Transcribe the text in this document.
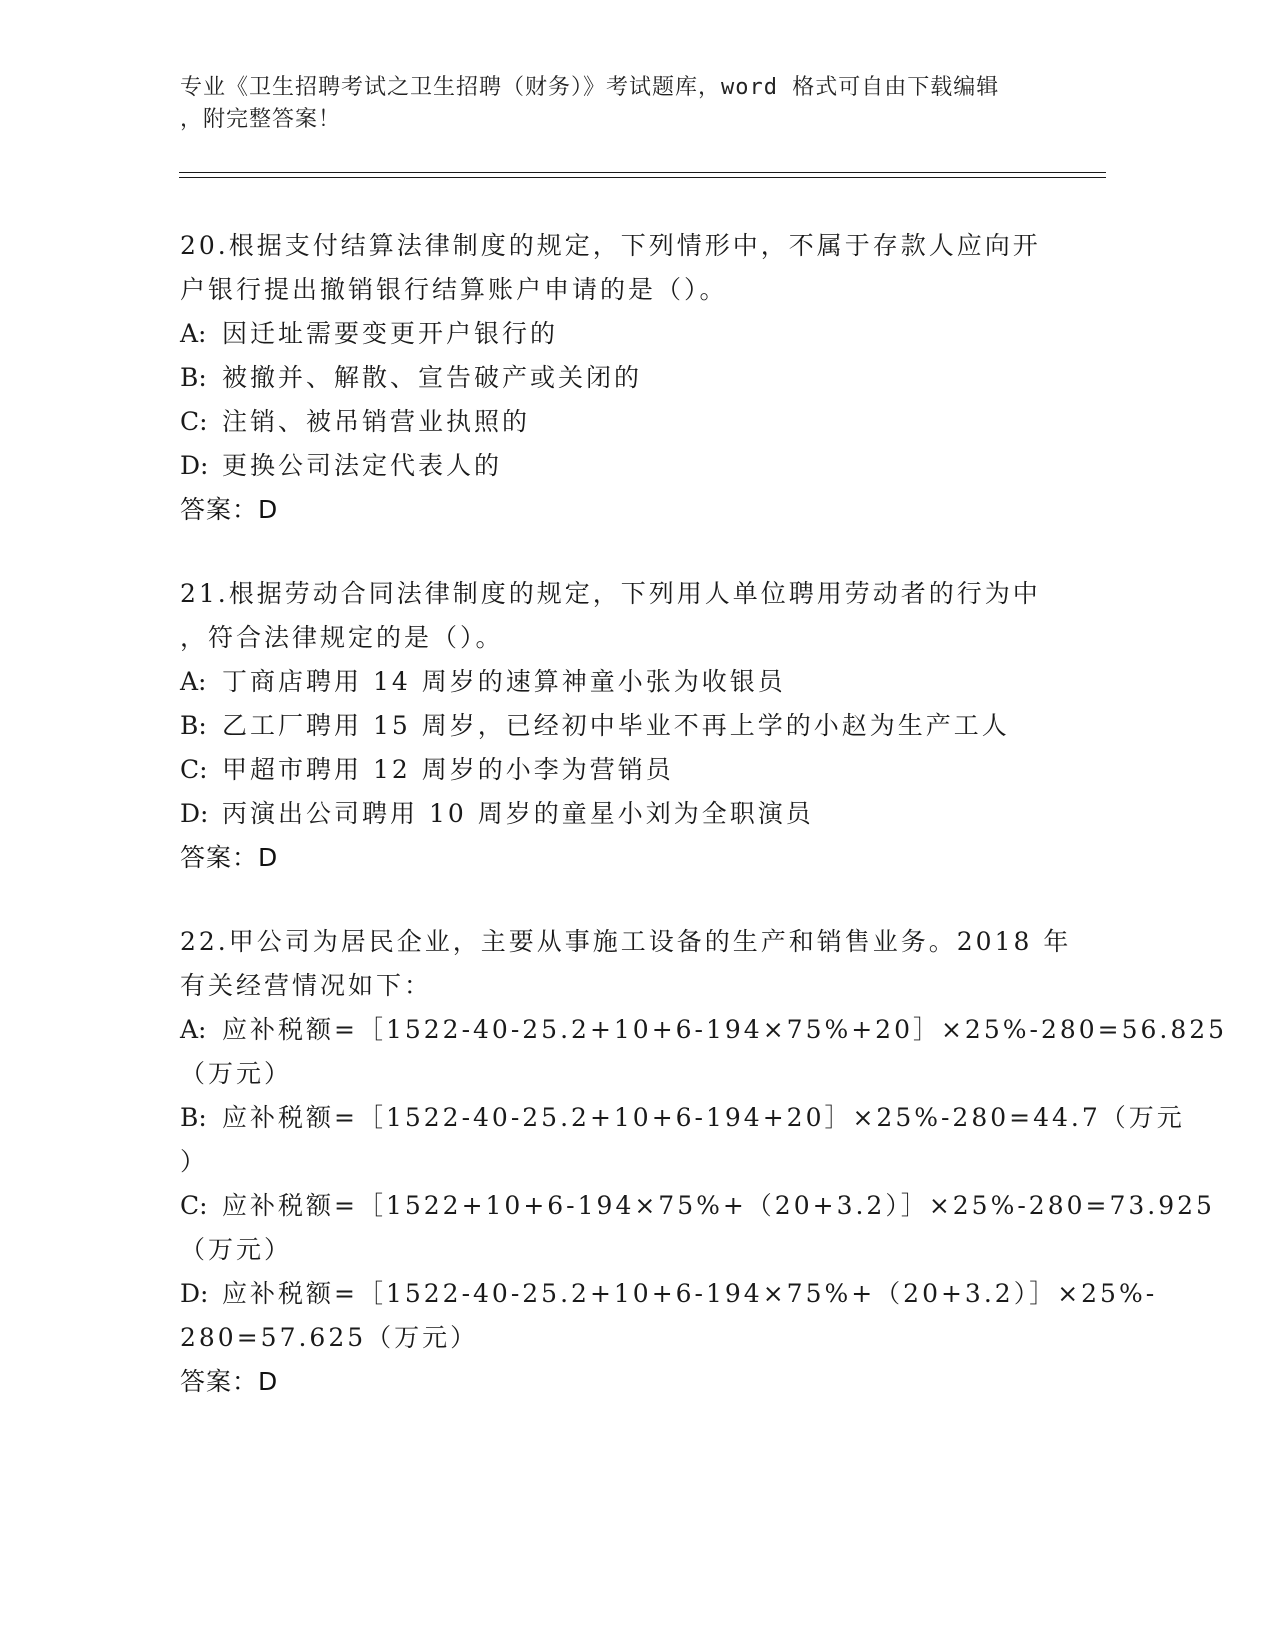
专业《卫生招聘考试之卫生招聘（财务）》考试题库，word 格式可自由下载编辑
，附完整答案！
20.根据支付结算法律制度的规定，下列情形中，不属于存款人应向开
户银行提出撤销银行结算账户申请的是（）。
A: 因迁址需要变更开户银行的
B: 被撤并、解散、宣告破产或关闭的
C: 注销、被吊销营业执照的
D: 更换公司法定代表人的
答案：D
21.根据劳动合同法律制度的规定，下列用人单位聘用劳动者的行为中
，符合法律规定的是（）。
A: 丁商店聘用 14 周岁的速算神童小张为收银员
B: 乙工厂聘用 15 周岁，已经初中毕业不再上学的小赵为生产工人
C: 甲超市聘用 12 周岁的小李为营销员
D: 丙演出公司聘用 10 周岁的童星小刘为全职演员
答案：D
22.甲公司为居民企业，主要从事施工设备的生产和销售业务。2018 年
有关经营情况如下：
A: 应补税额=［1522-40-25.2+10+6-194×75%+20］×25%-280=56.825
（万元）
B: 应补税额=［1522-40-25.2+10+6-194+20］×25%-280=44.7（万元
）
C: 应补税额=［1522+10+6-194×75%+（20+3.2）］×25%-280=73.925
（万元）
D: 应补税额=［1522-40-25.2+10+6-194×75%+（20+3.2）］×25%-
280=57.625（万元）
答案：D
